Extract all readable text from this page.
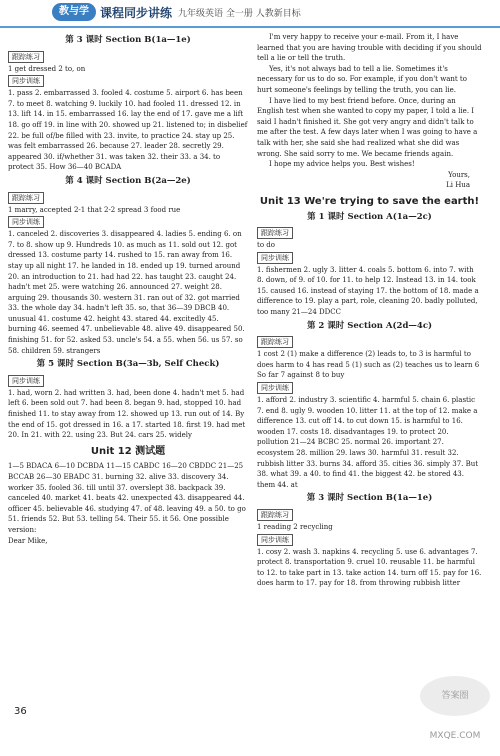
教与学 课程同步讲练 九年级英语 全一册 人教新目标
第 3 课时 Section B(1a—1e)
跟踪练习

1 get dressed 2 to, on

同步训练

1. pass 2. embarrassed 3. fooled 4. costume 5. airport 6. has been 7. to meet 8. watching 9. luckily 10. had fooled 11. dressed 12. in 13. lift 14. in 15. embarrassed 16. lay the end of 17. gave me a lift 18. go off 19. in line with 20. showed up 21. listened to; in disbelief 22. be full of/be filled with 23. invite, to practice 24. stay up 25. was felt embarrassed 26. because 27. leader 28. secretly 29. appeared 30. if/whether 31. was taken 32. their 33. a 34. to protect 35. How 36—40 BCADA

第 4 课时 Section B(2a—2e)
跟踪练习

1 marry, accepted 2-1 that 2-2 spread 3 food rue

同步训练

1. canceled 2. discoveries 3. disappeared 4. ladies 5. ending 6. on 7. to 8. show up 9. Hundreds 10. as much as 11. sold out 12. got dressed 13. costume party 14. rushed to 15. ran away from 16. stay up all night 17. he landed in 18. ended up 19. turned around 20. an introduction to 21. had had 22. has taught 23. caught 24. hadn't met 25. were watching 26. announced 27. weight 28. arguing 29. thousands 30. western 31. ran out of 32. got married 33. the whole day 34. hadn't left 35. so, that 36—39 DBCB 40. unusual 41. costume 42. height 43. stared 44. excitedly 45. burning 46. seemed 47. unbelievable 48. alive 49. disappeared 50. finishing 51. for 52. asked 53. uncle's 54. a 55. when 56. us 57. so 58. children 59. strangers

第 5 课时 Section B(3a—3b, Self Check)
同步训练

1. had, worn 2. had written 3. had, been done 4. hadn't met 5. had left 6. been sold out 7. had been 8. began 9. had, stopped 10. had finished 11. to stay away from 12. showed up 13. run out of 14. By the end of 15. got dressed in 16. a 17. started 18. first 19. had met 20. In 21. with 22. using 23. But 24. cars 25. widely

Unit 12 测试题

1—5 BDACA 6—10 DCBDA 11—15 CABDC 16—20 CBDDC 21—25 BCCAB 26—30 EBADC 31. burning 32. alive 33. discovery 34. worker 35. fooled 36. till until 37. overslept 38. backpack 39. canceled 40. market 41. beats 42. unexpected 43. disappeared 44. officer 45. believable 46. studying 47. of 48. leaving 49. a 50. to go 51. friends 52. But 53. telling 54. Their 55. it 56. One possible version:

Dear Mike,

I'm very happy to receive your e-mail. From it, I have learned that you are having trouble with deciding if you should tell a lie or tell the truth.

Yes, it's not always bad to tell a lie. Sometimes it's necessary for us to do so. For example, if you don't want to hurt someone's feelings by telling the truth, you can lie.

I have lied to my best friend before. Once, during an English test when she wanted to copy my paper, I told a lie. I said I hadn't finished it. She got very angry and didn't talk to me after the test. A few days later when I was going to have a talk with her, she said she had realized what she did was wrong. She said sorry to me. We became friends again.

I hope my advice helps you. Best wishes!

Yours,

Li Hua

Unit 13 We're trying to save the earth!
第 1 课时 Section A(1a—2c)
跟踪练习

to do

同步训练

1. fishermen 2. ugly 3. litter 4. coals 5. bottom 6. into 7. with 8. down, of 9. of 10. for 11. to help 12. Instead 13. in 14. took 15. caused 16. instead of staying 17. the bottom of 18. made a difference to 19. play a part, role, cleaning 20. badly polluted, too many 21—24 DDCC

第 2 课时 Section A(2d—4c)
跟踪练习

1 cost 2 (1) make a difference (2) leads to, to 3 is harmful to does harm to 4 has read 5 (1) such as (2) teaches us to learn 6 So far 7 against 8 to buy

同步训练

1. afford 2. industry 3. scientific 4. harmful 5. chain 6. plastic 7. end 8. ugly 9. wooden 10. litter 11. at the top of 12. make a difference 13. cut off 14. to cut down 15. is harmful to 16. wooden 17. costs 18. disadvantages 19. to protect 20. pollution 21—24 BCBC 25. normal 26. important 27. ecosystem 28. million 29. laws 30. harmful 31. result 32. rubbish litter 33. burns 34. afford 35. cities 36. simply 37. But 38. what 39. a 40. to find 41. the biggest 42. be stored 43. them 44. at

第 3 课时 Section B(1a—1e)
跟踪练习

1 reading 2 recycling

同步训练

1. cosy 2. wash 3. napkins 4. recycling 5. use 6. advantages 7. protect 8. transportation 9. cruel 10. reusable 11. be harmful to 12. to take part in 13. take action 14. turn off 15. pay for 16. does harm to 17. pay for 18. from throwing rubbish litter

36
答案圈 MXQE.COM
